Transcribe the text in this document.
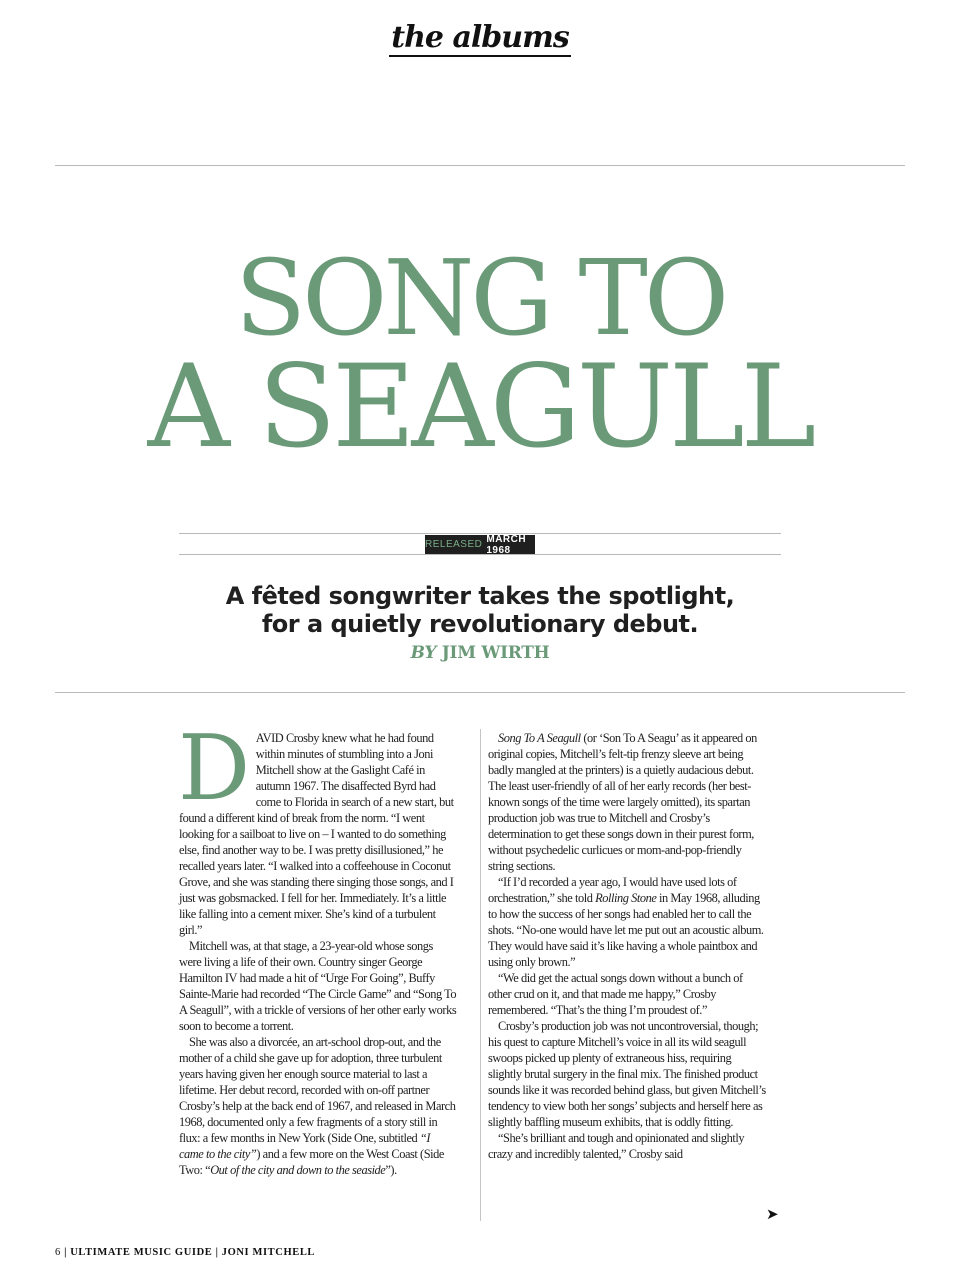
the albums
SONG TO
A SEAGULL
RELEASED MARCH 1968
A fêted songwriter takes the spotlight,
for a quietly revolutionary debut.
BY JIM WIRTH

DAVID Crosby knew what he had found within minutes of stumbling into a Joni Mitchell show at the Gaslight Café in autumn 1967. The disaffected Byrd had come to Florida in search of a new start, but found a different kind of break from the norm. “I went looking for a sailboat to live on – I wanted to do something else, find another way to be. I was pretty disillusioned,” he recalled years later. “I walked into a coffeehouse in Coconut Grove, and she was standing there singing those songs, and I just was gobsmacked. I fell for her. Immediately. It’s a little like falling into a cement mixer. She’s kind of a turbulent girl.”

Mitchell was, at that stage, a 23-year-old whose songs were living a life of their own. Country singer George Hamilton IV had made a hit of “Urge For Going”, Buffy Sainte-Marie had recorded “The Circle Game” and “Song To A Seagull”, with a trickle of versions of her other early works soon to become a torrent.

She was also a divorcée, an art-school drop-out, and the mother of a child she gave up for adoption, three turbulent years having given her enough source material to last a lifetime. Her debut record, recorded with on-off partner Crosby’s help at the back end of 1967, and released in March 1968, documented only a few fragments of a story still in flux: a few months in New York (Side One, subtitled “I came to the city”) and a few more on the West Coast (Side Two: “Out of the city and down to the seaside”).

Song To A Seagull (or ‘Son To A Seagu’ as it appeared on original copies, Mitchell’s felt-tip frenzy sleeve art being badly mangled at the printers) is a quietly audacious debut. The least user-friendly of all of her early records (her best-known songs of the time were largely omitted), its spartan production job was true to Mitchell and Crosby’s determination to get these songs down in their purest form, without psychedelic curlicues or mom-and-pop-friendly string sections.

“If I’d recorded a year ago, I would have used lots of orchestration,” she told Rolling Stone in May 1968, alluding to how the success of her songs had enabled her to call the shots. “No-one would have let me put out an acoustic album. They would have said it’s like having a whole paintbox and using only brown.”

“We did get the actual songs down without a bunch of other crud on it, and that made me happy,” Crosby remembered. “That’s the thing I’m proudest of.”

Crosby’s production job was not uncontroversial, though; his quest to capture Mitchell’s voice in all its wild seagull swoops picked up plenty of extraneous hiss, requiring slightly brutal surgery in the final mix. The finished product sounds like it was recorded behind glass, but given Mitchell’s tendency to view both her songs’ subjects and herself here as slightly baffling museum exhibits, that is oddly fitting.

“She’s brilliant and tough and opinionated and slightly crazy and incredibly talented,” Crosby said

➤
6 | ULTIMATE MUSIC GUIDE | JONI MITCHELL
